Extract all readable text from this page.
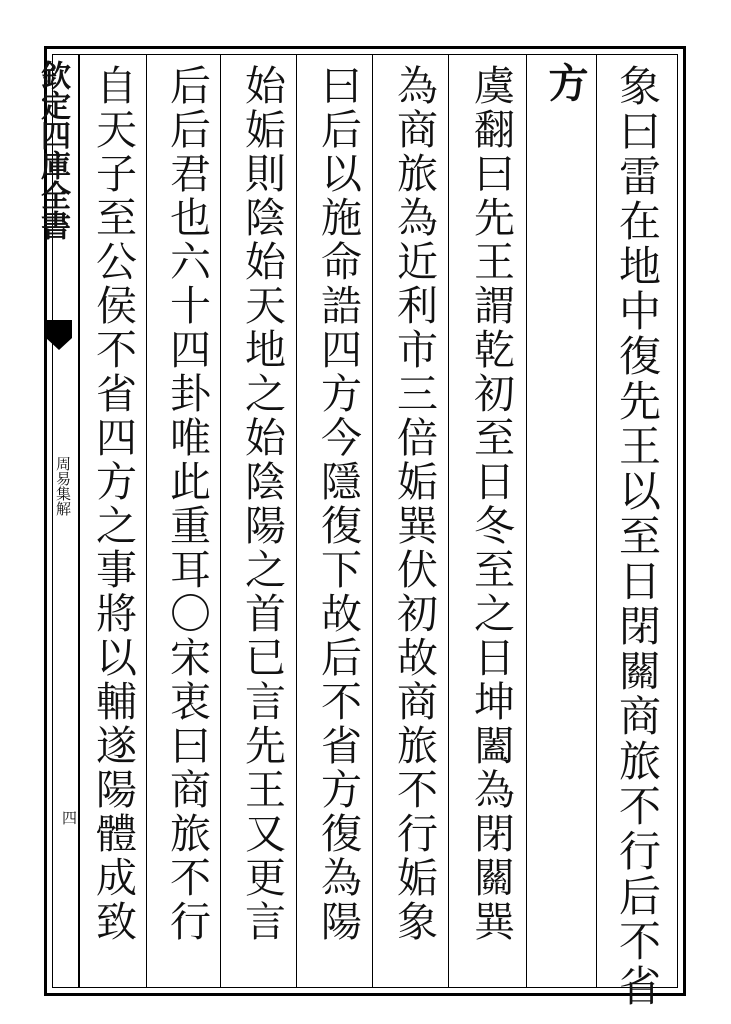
欽定四庫全書
周易集解
四
方 象曰雷在地中復先王以至日閉關商旅不行后不省
虞翻曰先王謂乾初至日冬至之日坤闔為閉關巽
為商旅為近利市三倍姤巽伏初故商旅不行姤象
曰后以施命誥四方今隱復下故后不省方復為陽
始姤則陰始天地之始陰陽之首已言先王又更言
后后君也六十四卦唯此重耳〇宋衷曰商旅不行
自天子至公侯不省四方之事將以輔遂陽體成致
